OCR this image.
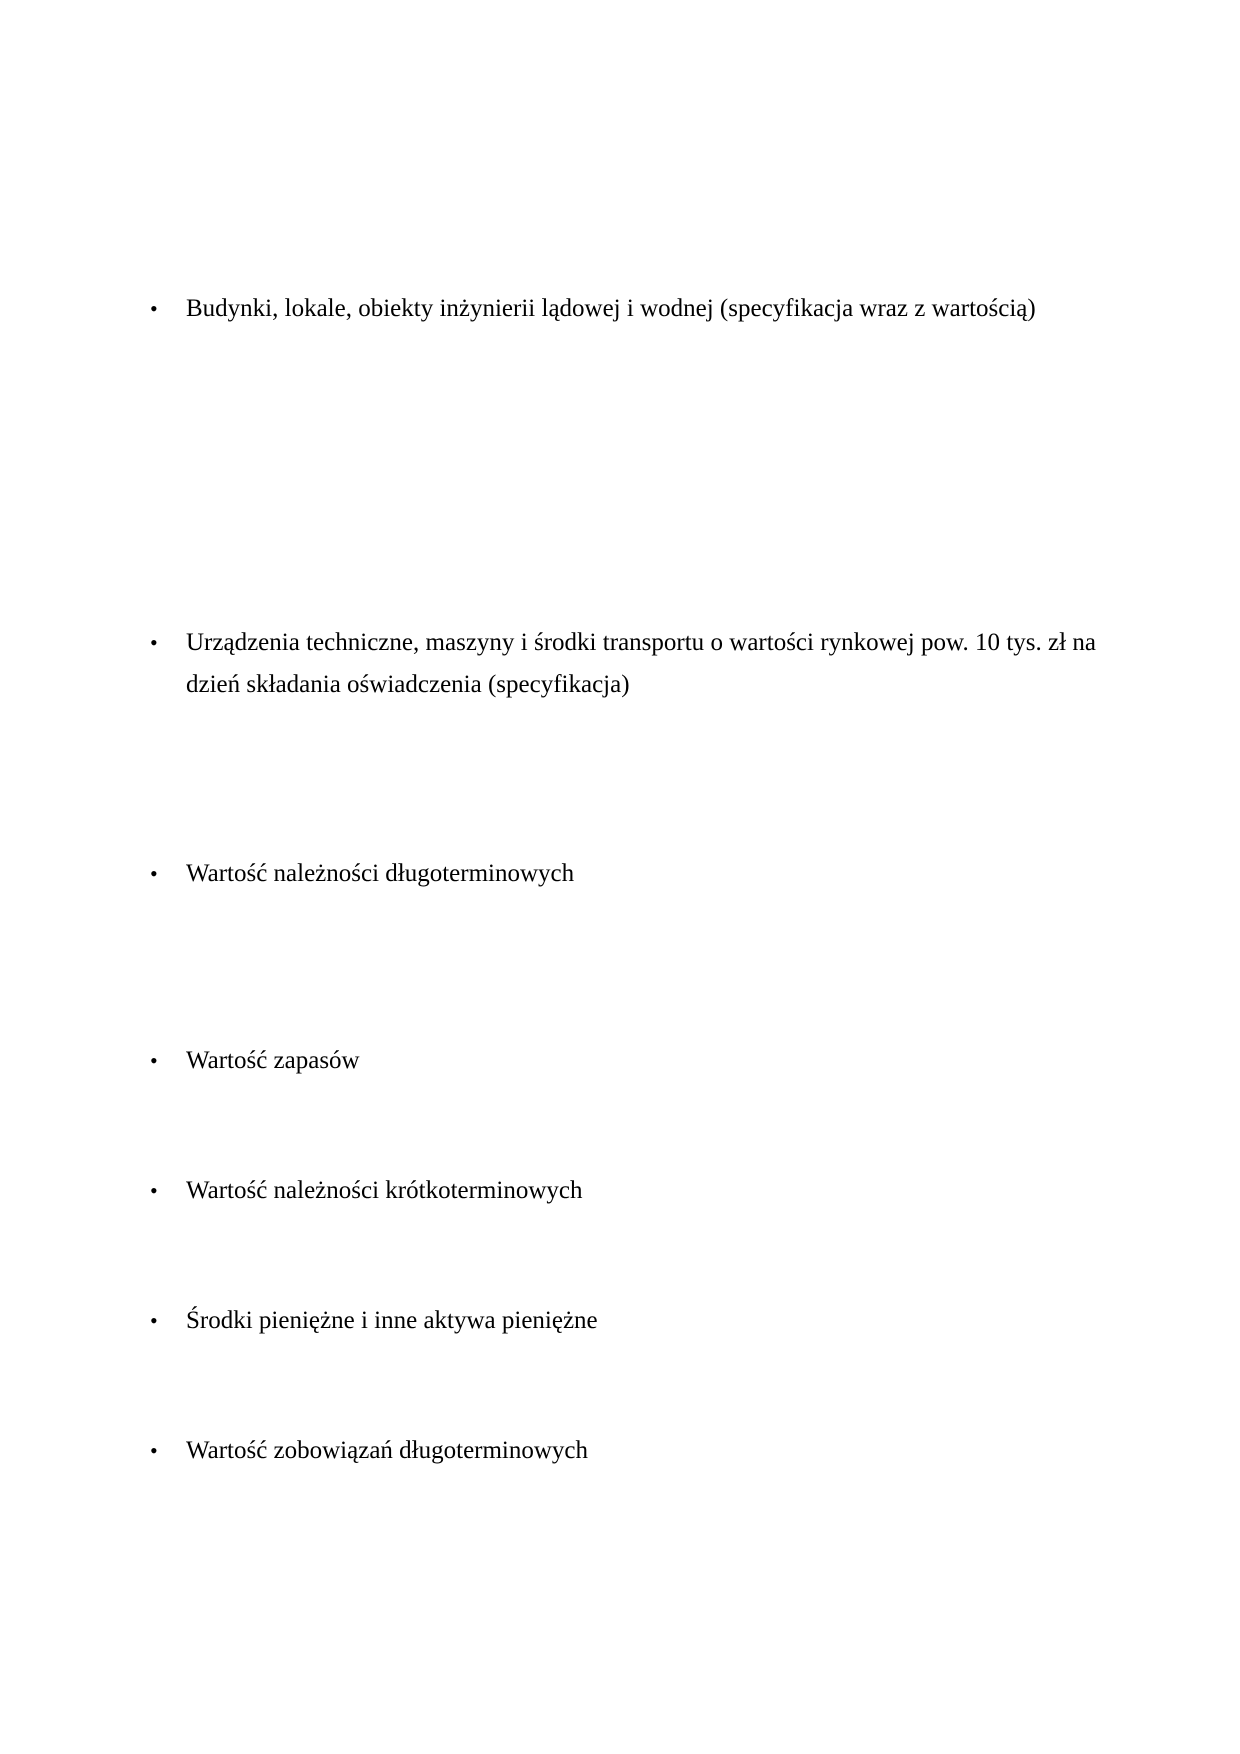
•	Budynki, lokale, obiekty inżynierii lądowej i wodnej (specyfikacja wraz z wartością)
•	Urządzenia techniczne, maszyny i środki transportu o wartości rynkowej pow. 10 tys. zł na dzień składania oświadczenia (specyfikacja)
•	Wartość należności długoterminowych
•	Wartość zapasów
•	Wartość należności krótkoterminowych
•	Środki pieniężne i inne aktywa pieniężne
•	Wartość zobowiązań długoterminowych
